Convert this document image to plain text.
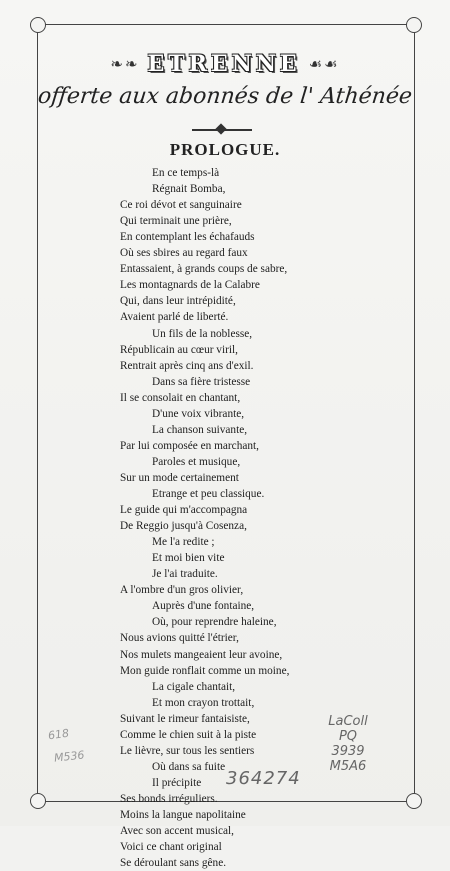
❧❧ ETRENNE ☙☙
offerte aux abonnés de l' Athénée
PROLOGUE.
En ce temps-là
Régnait Bomba,
Ce roi dévot et sanguinaire
Qui terminait une prière,
En contemplant les échafauds
Où ses sbires au regard faux
Entassaient, à grands coups de sabre,
Les montagnards de la Calabre
Qui, dans leur intrépidité,
Avaient parlé de liberté.
Un fils de la noblesse,
Républicain au cœur viril,
Rentrait après cinq ans d'exil.
Dans sa fière tristesse
Il se consolait en chantant,
D'une voix vibrante,
La chanson suivante,
Par lui composée en marchant,
Paroles et musique,
Sur un mode certainement
Etrange et peu classique.
Le guide qui m'accompagna
De Reggio jusqu'à Cosenza,
Me l'a redite ;
Et moi bien vite
Je l'ai traduite.
A l'ombre d'un gros olivier,
Auprès d'une fontaine,
Où, pour reprendre haleine,
Nous avions quitté l'étrier,
Nos mulets mangeaient leur avoine,
Mon guide ronflait comme un moine,
La cigale chantait,
Et mon crayon trottait,
Suivant le rimeur fantaisiste,
Comme le chien suit à la piste
Le lièvre, sur tous les sentiers
Où dans sa fuite
Il précipite
Ses bonds irréguliers.
Moins la langue napolitaine
Avec son accent musical,
Voici ce chant original
Se déroulant sans gêne.
618
M536
364274
LaColl PQ 3939 M5A6
